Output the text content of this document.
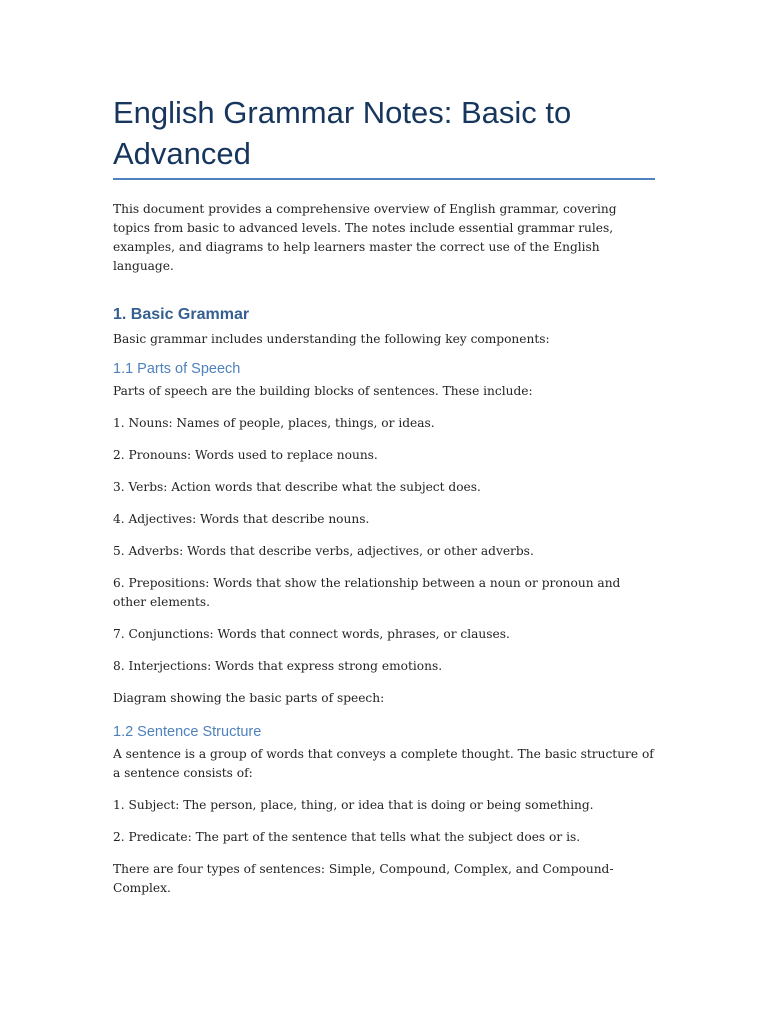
English Grammar Notes: Basic to Advanced

This document provides a comprehensive overview of English grammar, covering topics from basic to advanced levels. The notes include essential grammar rules, examples, and diagrams to help learners master the correct use of the English language.

1. Basic Grammar

Basic grammar includes understanding the following key components:

1.1 Parts of Speech

Parts of speech are the building blocks of sentences. These include:

1. Nouns: Names of people, places, things, or ideas.

2. Pronouns: Words used to replace nouns.

3. Verbs: Action words that describe what the subject does.

4. Adjectives: Words that describe nouns.

5. Adverbs: Words that describe verbs, adjectives, or other adverbs.

6. Prepositions: Words that show the relationship between a noun or pronoun and other elements.

7. Conjunctions: Words that connect words, phrases, or clauses.

8. Interjections: Words that express strong emotions.

Diagram showing the basic parts of speech:

1.2 Sentence Structure

A sentence is a group of words that conveys a complete thought. The basic structure of a sentence consists of:

1. Subject: The person, place, thing, or idea that is doing or being something.

2. Predicate: The part of the sentence that tells what the subject does or is.

There are four types of sentences: Simple, Compound, Complex, and Compound-Complex.
